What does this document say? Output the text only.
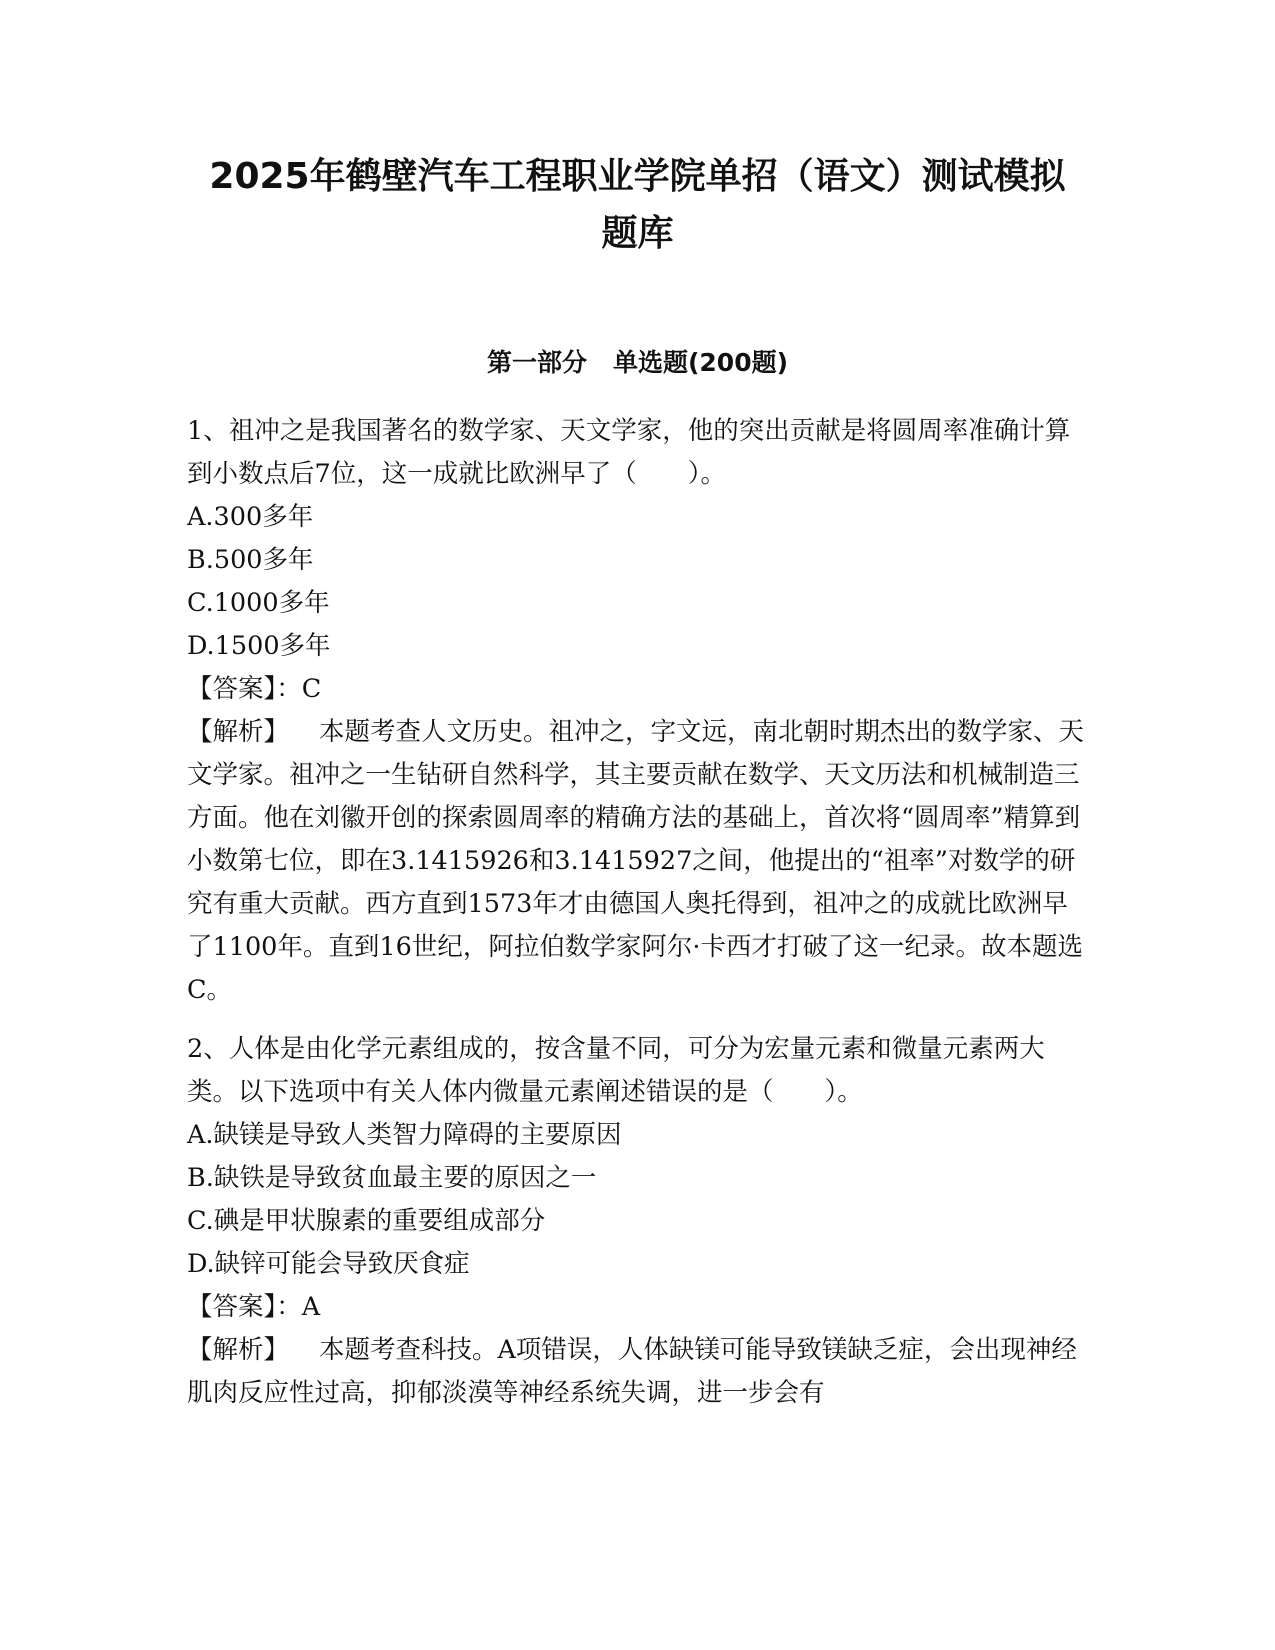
2025年鹤壁汽车工程职业学院单招（语文）测试模拟
题库
第一部分 单选题(200题)

1、祖冲之是我国著名的数学家、天文学家，他的突出贡献是将圆周率准确计算到小数点后7位，这一成就比欧洲早了（　　）。

A.300多年

B.500多年

C.1000多年

D.1500多年

【答案】：C

【解析】 本题考查人文历史。祖冲之，字文远，南北朝时期杰出的数学家、天文学家。祖冲之一生钻研自然科学，其主要贡献在数学、天文历法和机械制造三方面。他在刘徽开创的探索圆周率的精确方法的基础上，首次将“圆周率”精算到小数第七位，即在3.1415926和3.1415927之间，他提出的“祖率”对数学的研究有重大贡献。西方直到1573年才由德国人奥托得到，祖冲之的成就比欧洲早了1100年。直到16世纪，阿拉伯数学家阿尔·卡西才打破了这一纪录。故本题选C。

2、人体是由化学元素组成的，按含量不同，可分为宏量元素和微量元素两大类。以下选项中有关人体内微量元素阐述错误的是（　　）。

A.缺镁是导致人类智力障碍的主要原因

B.缺铁是导致贫血最主要的原因之一

C.碘是甲状腺素的重要组成部分

D.缺锌可能会导致厌食症

【答案】：A

【解析】 本题考查科技。A项错误，人体缺镁可能导致镁缺乏症，会出现神经肌肉反应性过高，抑郁淡漠等神经系统失调，进一步会有
